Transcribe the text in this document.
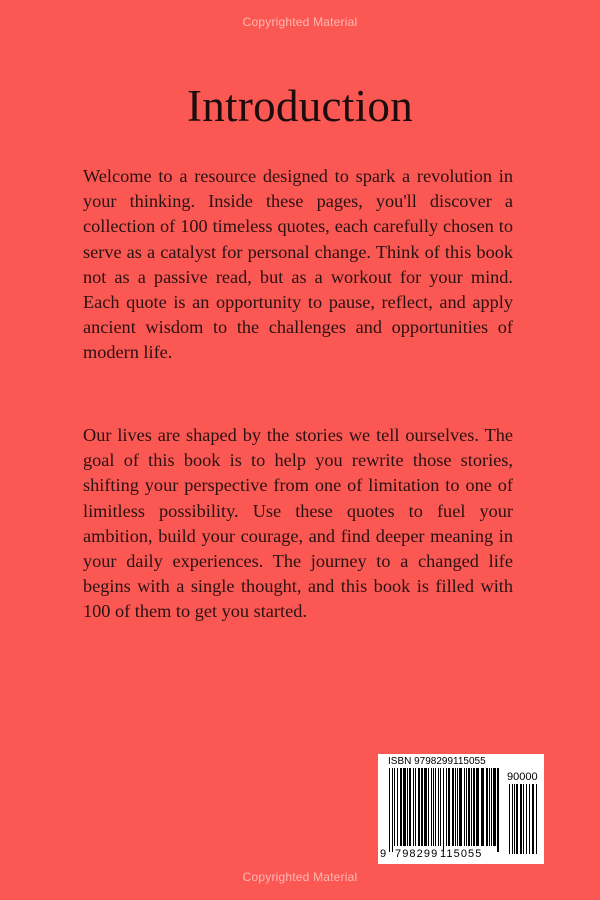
Copyrighted Material
Introduction

Welcome to a resource designed to spark a revolution in your thinking. Inside these pages, you'll discover a collection of 100 timeless quotes, each carefully chosen to serve as a catalyst for personal change. Think of this book not as a passive read, but as a workout for your mind. Each quote is an opportunity to pause, reflect, and apply ancient wisdom to the challenges and opportunities of modern life.

Our lives are shaped by the stories we tell ourselves. The goal of this book is to help you rewrite those stories, shifting your perspective from one of limitation to one of limitless possibility. Use these quotes to fuel your ambition, build your courage, and find deeper meaning in your daily experiences. The journey to a changed life begins with a single thought, and this book is filled with 100 of them to get you started.

ISBN 9798299115055
90000
9 798299 115055
Copyrighted Material
